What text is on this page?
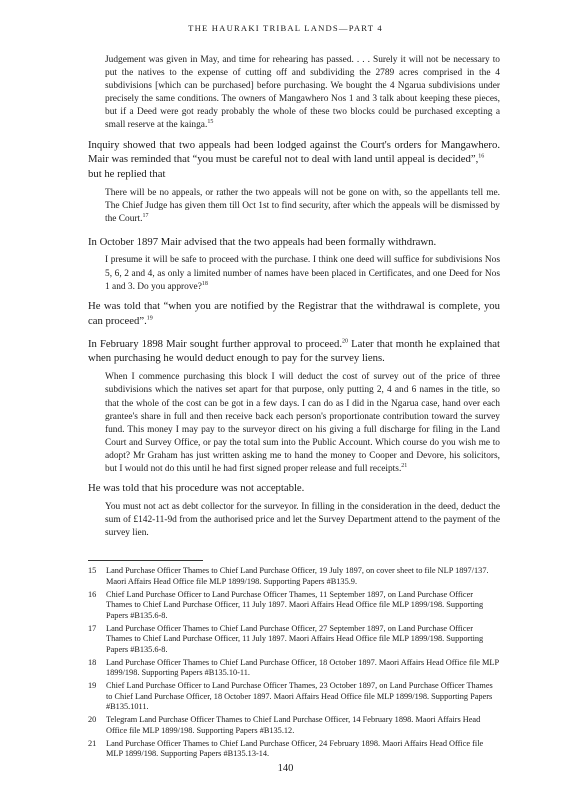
THE HAURAKI TRIBAL LANDS—PART 4

Judgement was given in May, and time for rehearing has passed. . . . Surely it will not be necessary to put the natives to the expense of cutting off and subdividing the 2789 acres comprised in the 4 subdivisions [which can be purchased] before purchasing. We bought the 4 Ngarua subdivisions under precisely the same conditions. The owners of Mangawhero Nos 1 and 3 talk about keeping these pieces, but if a Deed were got ready probably the whole of these two blocks could be purchased excepting a small reserve at the kainga.$^{15}$

Inquiry showed that two appeals had been lodged against the Court's orders for Mangawhero. Mair was reminded that “you must be careful not to deal with land until appeal is decided”,$^{16}$
but he replied that

There will be no appeals, or rather the two appeals will not be gone on with, so the appellants tell me. The Chief Judge has given them till Oct 1st to find security, after which the appeals will be dismissed by the Court.$^{17}$

In October 1897 Mair advised that the two appeals had been formally withdrawn.

I presume it will be safe to proceed with the purchase. I think one deed will suffice for subdivisions Nos 5, 6, 2 and 4, as only a limited number of names have been placed in Certificates, and one Deed for Nos 1 and 3. Do you approve?$^{18}$

He was told that “when you are notified by the Registrar that the withdrawal is complete, you can proceed”.$^{19}$

In February 1898 Mair sought further approval to proceed.$^{20}$ Later that month he explained that when purchasing he would deduct enough to pay for the survey liens.

When I commence purchasing this block I will deduct the cost of survey out of the price of three subdivisions which the natives set apart for that purpose, only putting 2, 4 and 6 names in the title, so that the whole of the cost can be got in a few days. I can do as I did in the Ngarua case, hand over each grantee's share in full and then receive back each person's proportionate contribution toward the survey fund. This money I may pay to the surveyor direct on his giving a full discharge for filing in the Land Court and Survey Office, or pay the total sum into the Public Account. Which course do you wish me to adopt? Mr Graham has just written asking me to hand the money to Cooper and Devore, his solicitors, but I would not do this until he had first signed proper release and full receipts.$^{21}$

He was told that his procedure was not acceptable.

You must not act as debt collector for the surveyor. In filling in the consideration in the deed, deduct the sum of £142-11-9d from the authorised price and let the Survey Department attend to the payment of the survey lien.

15	Land Purchase Officer Thames to Chief Land Purchase Officer, 19 July 1897, on cover sheet to file NLP 1897/137. Maori Affairs Head Office file MLP 1899/198. Supporting Papers #B135.9.
16	Chief Land Purchase Officer to Land Purchase Officer Thames, 11 September 1897, on Land Purchase Officer Thames to Chief Land Purchase Officer, 11 July 1897. Maori Affairs Head Office file MLP 1899/198. Supporting Papers #B135.6-8.
17	Land Purchase Officer Thames to Chief Land Purchase Officer, 27 September 1897, on Land Purchase Officer Thames to Chief Land Purchase Officer, 11 July 1897. Maori Affairs Head Office file MLP 1899/198. Supporting Papers #B135.6-8.
18	Land Purchase Officer Thames to Chief Land Purchase Officer, 18 October 1897. Maori Affairs Head Office file MLP 1899/198. Supporting Papers #B135.10-11.
19	Chief Land Purchase Officer to Land Purchase Officer Thames, 23 October 1897, on Land Purchase Officer Thames to Chief Land Purchase Officer, 18 October 1897. Maori Affairs Head Office file MLP 1899/198. Supporting Papers #B135.1011.
20	Telegram Land Purchase Officer Thames to Chief Land Purchase Officer, 14 February 1898. Maori Affairs Head Office file MLP 1899/198. Supporting Papers #B135.12.
21	Land Purchase Officer Thames to Chief Land Purchase Officer, 24 February 1898. Maori Affairs Head Office file MLP 1899/198. Supporting Papers #B135.13-14.
140
